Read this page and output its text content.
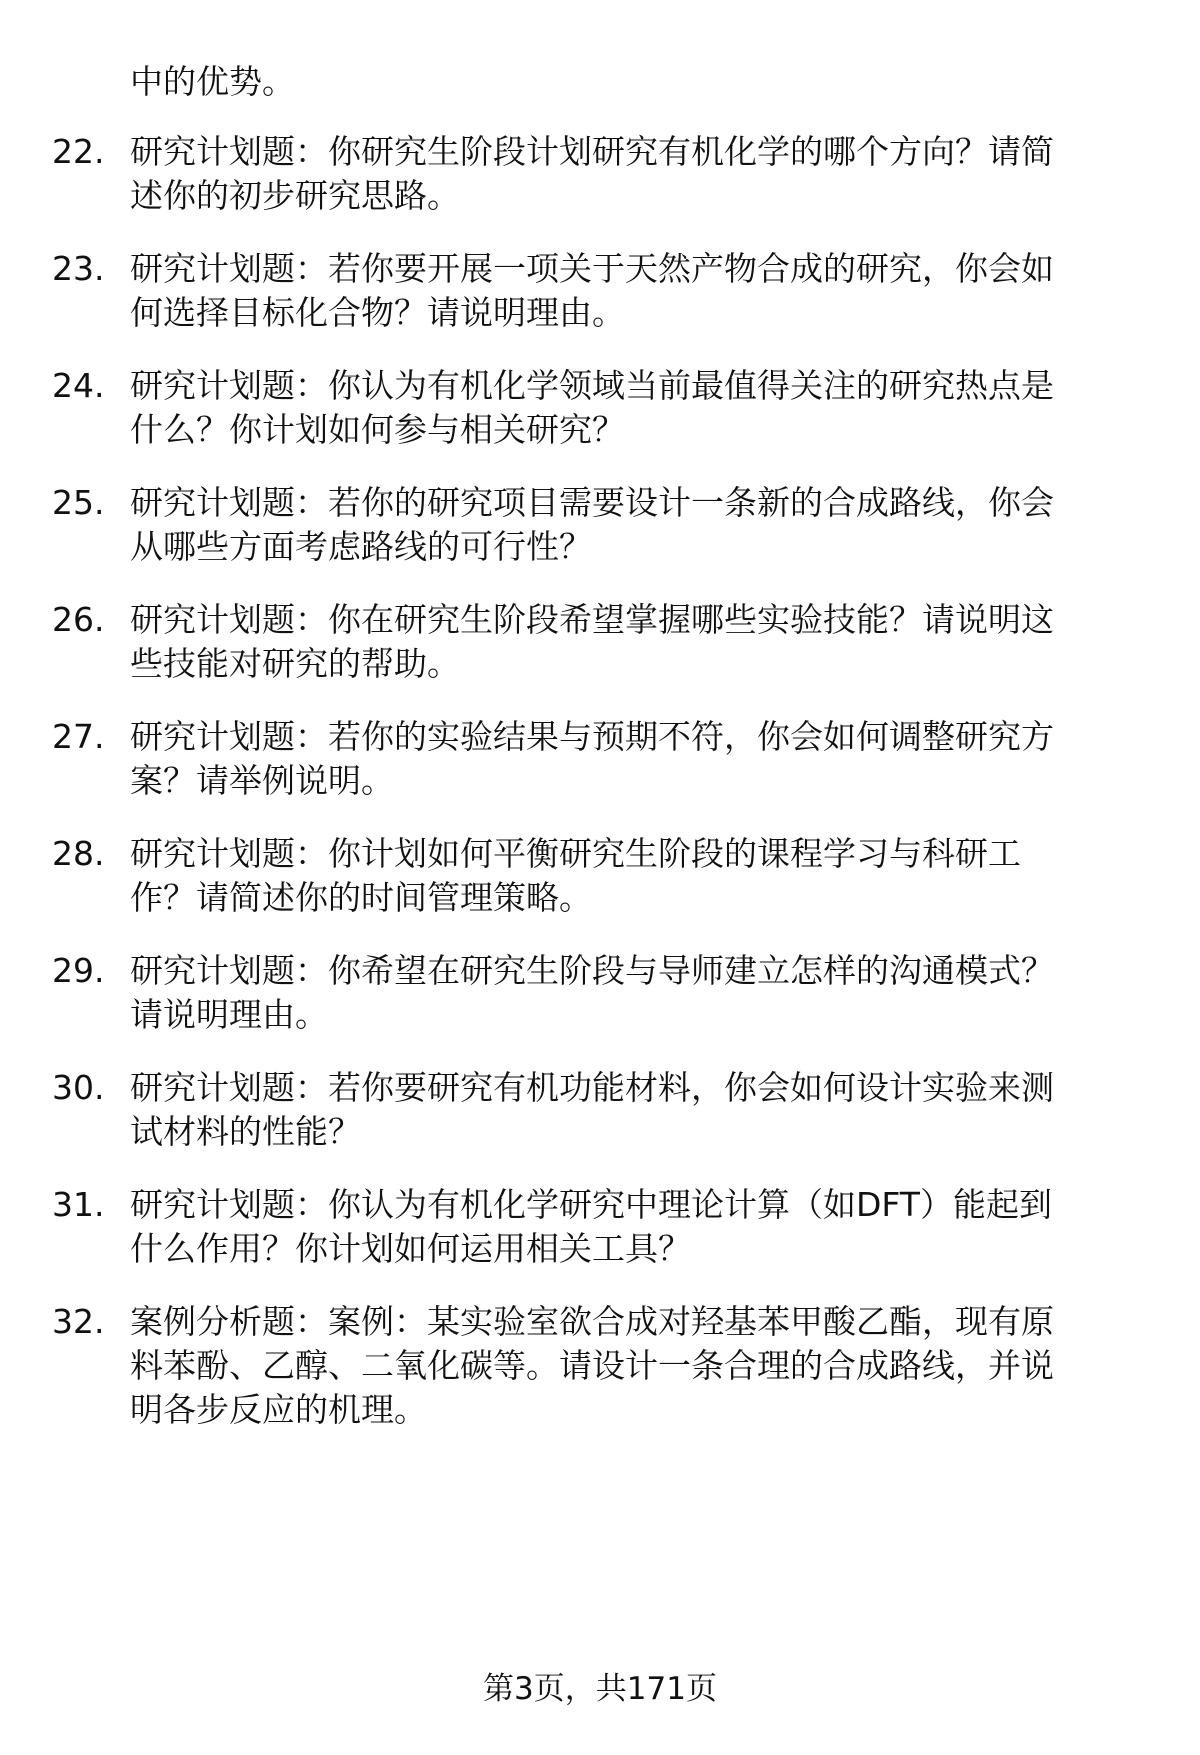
中的优势。
22. 研究计划题：你研究生阶段计划研究有机化学的哪个方向？请简
述你的初步研究思路。
23. 研究计划题：若你要开展一项关于天然产物合成的研究，你会如
何选择目标化合物？请说明理由。
24. 研究计划题：你认为有机化学领域当前最值得关注的研究热点是
什么？你计划如何参与相关研究？
25. 研究计划题：若你的研究项目需要设计一条新的合成路线，你会
从哪些方面考虑路线的可行性？
26. 研究计划题：你在研究生阶段希望掌握哪些实验技能？请说明这
些技能对研究的帮助。
27. 研究计划题：若你的实验结果与预期不符，你会如何调整研究方
案？请举例说明。
28. 研究计划题：你计划如何平衡研究生阶段的课程学习与科研工
作？请简述你的时间管理策略。
29. 研究计划题：你希望在研究生阶段与导师建立怎样的沟通模式？
请说明理由。
30. 研究计划题：若你要研究有机功能材料，你会如何设计实验来测
试材料的性能？
31. 研究计划题：你认为有机化学研究中理论计算（如DFT）能起到
什么作用？你计划如何运用相关工具？
32. 案例分析题：案例：某实验室欲合成对羟基苯甲酸乙酯，现有原
料苯酚、乙醇、二氧化碳等。请设计一条合理的合成路线，并说
明各步反应的机理。
第3页，共171页
